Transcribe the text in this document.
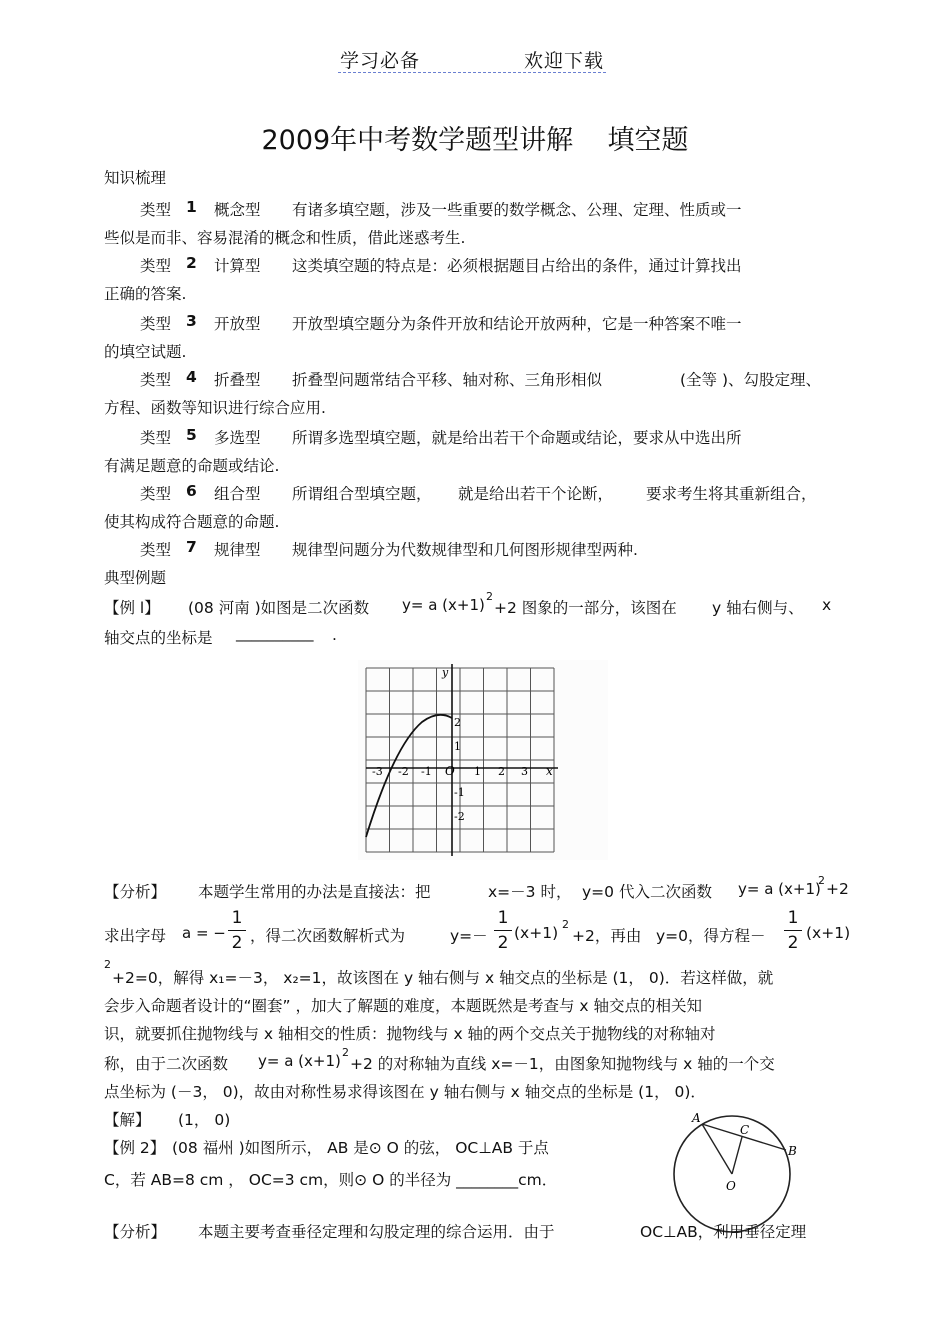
学习必备	欢迎下载
2009年中考数学题型讲解    填空题
知识梳理
类型 1 概念型 有诸多填空题，涉及一些重要的数学概念、公理、定理、性质或一
些似是而非、容易混淆的概念和性质，借此迷惑考生.
类型 2 计算型 这类填空题的特点是：必须根据题目占给出的条件，通过计算找出
正确的答案.
类型 3 开放型 开放型填空题分为条件开放和结论开放两种，它是一种答案不唯一
的填空试题.
类型 4 折叠型 折叠型问题常结合平移、轴对称、三角形相似	(全等 )、勾股定理、
方程、函数等知识进行综合应用.
类型 5 多选型 所谓多选型填空题，就是给出若干个命题或结论，要求从中选出所
有满足题意的命题或结论.
类型 6 组合型 所谓组合型填空题， 就是给出若干个论断， 要求考生将其重新组合，
使其构成符合题意的命题.
类型 7 规律型 规律型问题分为代数规律型和几何图形规律型两种.
典型例题
【例 l】 (08 河南 )如图是二次函数 y= a (x+1) 2
+2 图象的一部分，该图在 y 轴右侧与、 x
轴交点的坐标是 __________ .
-3 -2 -1 O 1 2 3 x
y
2
1
-1
-2
【分析】 本题学生常用的办法是直接法：把	x=－3 时， y=0 代入二次函数 y= a (x+1)
2 +2
求出字母 a = −
1
2 ，得二次函数解析式为	y=－
1
2 (x+1) 2
+2，再由 y=0，得方程－
1
2 (x+1)
2
+2=0，解得 x₁=－3， x₂=1，故该图在 y 轴右侧与 x 轴交点的坐标是 (1， 0)．若这样做，就
会步入命题者设计的“圈套” ，加大了解题的难度，本题既然是考查与 x 轴交点的相关知
识，就要抓住抛物线与 x 轴相交的性质：抛物线与 x 轴的两个交点关于抛物线的对称轴对
称，由于二次函数 y= a (x+1) 2
+2 的对称轴为直线 x=－1，由图象知抛物线与 x 轴的一个交
点坐标为 (－3， 0)，故由对称性易求得该图在 y 轴右侧与 x 轴交点的坐标是 (1， 0)．
【解】 (1， 0)
【例 2】 (08 福州 )如图所示， AB 是⊙ O 的弦， OC⊥AB 于点
C，若 AB=8 cm ， OC=3 cm，则⊙ O 的半径为 ________cm．
A
C
B
O
【分析】 本题主要考查垂径定理和勾股定理的综合运用．由于	OC⊥AB，利用垂径定理
